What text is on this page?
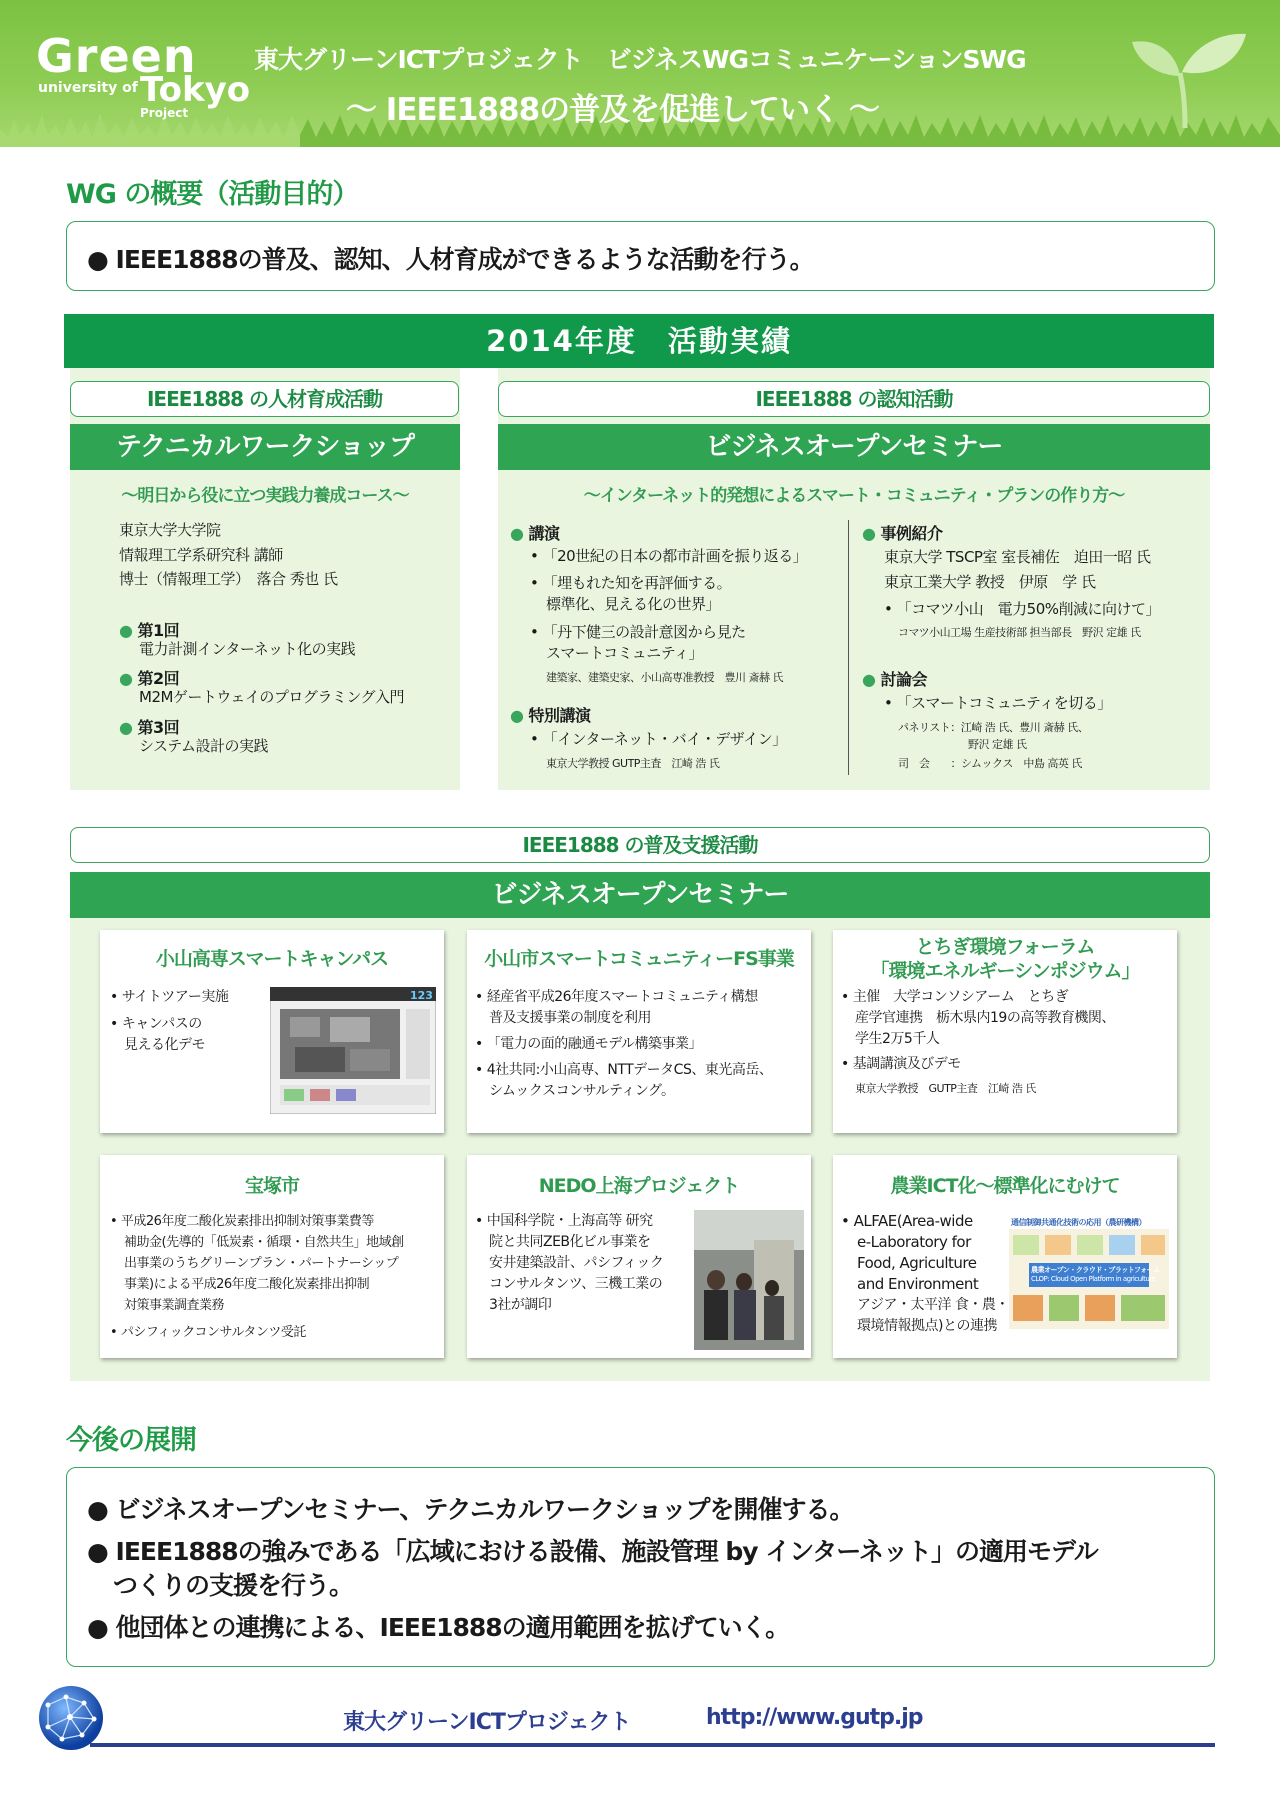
Green
university of Tokyo
Project
東大グリーンICTプロジェクト　ビジネスWGコミュニケーションSWG
～ IEEE1888の普及を促進していく ～
WG の概要（活動目的）
● IEEE1888の普及、認知、人材育成ができるような活動を行う。
2014年度　活動実績
IEEE1888 の人材育成活動	IEEE1888 の認知活動
テクニカルワークショップ	ビジネスオープンセミナー
～明日から役に立つ実践力養成コース～	～インターネット的発想によるスマート・コミュニティ・プランの作り方～
東京大学大学院
情報理工学系研究科 講師
博士（情報理工学）　落合 秀也 氏
● 第1回
電力計測インターネット化の実践
● 第2回
M2Mゲートウェイのプログラミング入門
● 第3回
システム設計の実践
● 講演
• 「20世紀の日本の都市計画を振り返る」
• 「埋もれた知を再評価する。
標準化、見える化の世界」
• 「丹下健三の設計意図から見た
スマートコミュニティ」
建築家、建築史家、小山高専准教授　豊川 斎赫 氏
● 特別講演
• 「インターネット・バイ・デザイン」
東京大学教授 GUTP主査　江崎 浩 氏
● 事例紹介
東京大学 TSCP室 室長補佐　迫田一昭 氏
東京工業大学 教授　伊原　学 氏
• 「コマツ小山　電力50%削減に向けて」
コマツ小山工場 生産技術部 担当部長　野沢 定雄 氏
● 討論会
• 「スマートコミュニティを切る」
パネリスト：江崎 浩 氏、豊川 斎赫 氏、
野沢 定雄 氏
司　会　　：シムックス　中島 高英 氏
IEEE1888 の普及支援活動
ビジネスオープンセミナー
小山高専スマートキャンパス
• サイトツアー実施
• キャンパスの
見える化デモ
123
小山市スマートコミュニティーFS事業
• 経産省平成26年度スマートコミュニティ構想
普及支援事業の制度を利用
• 「電力の面的融通モデル構築事業」
• 4社共同:小山高専、NTTデータCS、東光高岳、
シムックスコンサルティング。
とちぎ環境フォーラム
「環境エネルギーシンポジウム」
• 主催　大学コンソシアーム　とちぎ
産学官連携　栃木県内19の高等教育機関、
学生2万5千人
• 基調講演及びデモ
東京大学教授　GUTP主査　江崎 浩 氏
宝塚市
• 平成26年度二酸化炭素排出抑制対策事業費等
補助金(先導的「低炭素・循環・自然共生」地域創
出事業のうちグリーンプラン・パートナーシップ
事業)による平成26年度二酸化炭素排出抑制
対策事業調査業務
• パシフィックコンサルタンツ受託
NEDO上海プロジェクト
• 中国科学院・上海高等 研究
院と共同ZEB化ビル事業を
安井建築設計、パシフィック
コンサルタンツ、三機工業の
3社が調印
農業ICT化～標準化にむけて
• ALFAE(Area-wide
e-Laboratory for
Food, Agriculture
and Environment
アジア・太平洋 食・農・
環境情報拠点)との連携
通信制御共通化技術の応用（農研機構）
農業オープン・クラウド・プラットフォーム
CLOP: Cloud Open Platform in agriculture
今後の展開
● ビジネスオープンセミナー、テクニカルワークショップを開催する。
● IEEE1888の強みである「広域における設備、施設管理 by インターネット」の適用モデル
つくりの支援を行う。
● 他団体との連携による、IEEE1888の適用範囲を拡げていく。
東大グリーンICTプロジェクト	http://www.gutp.jp
